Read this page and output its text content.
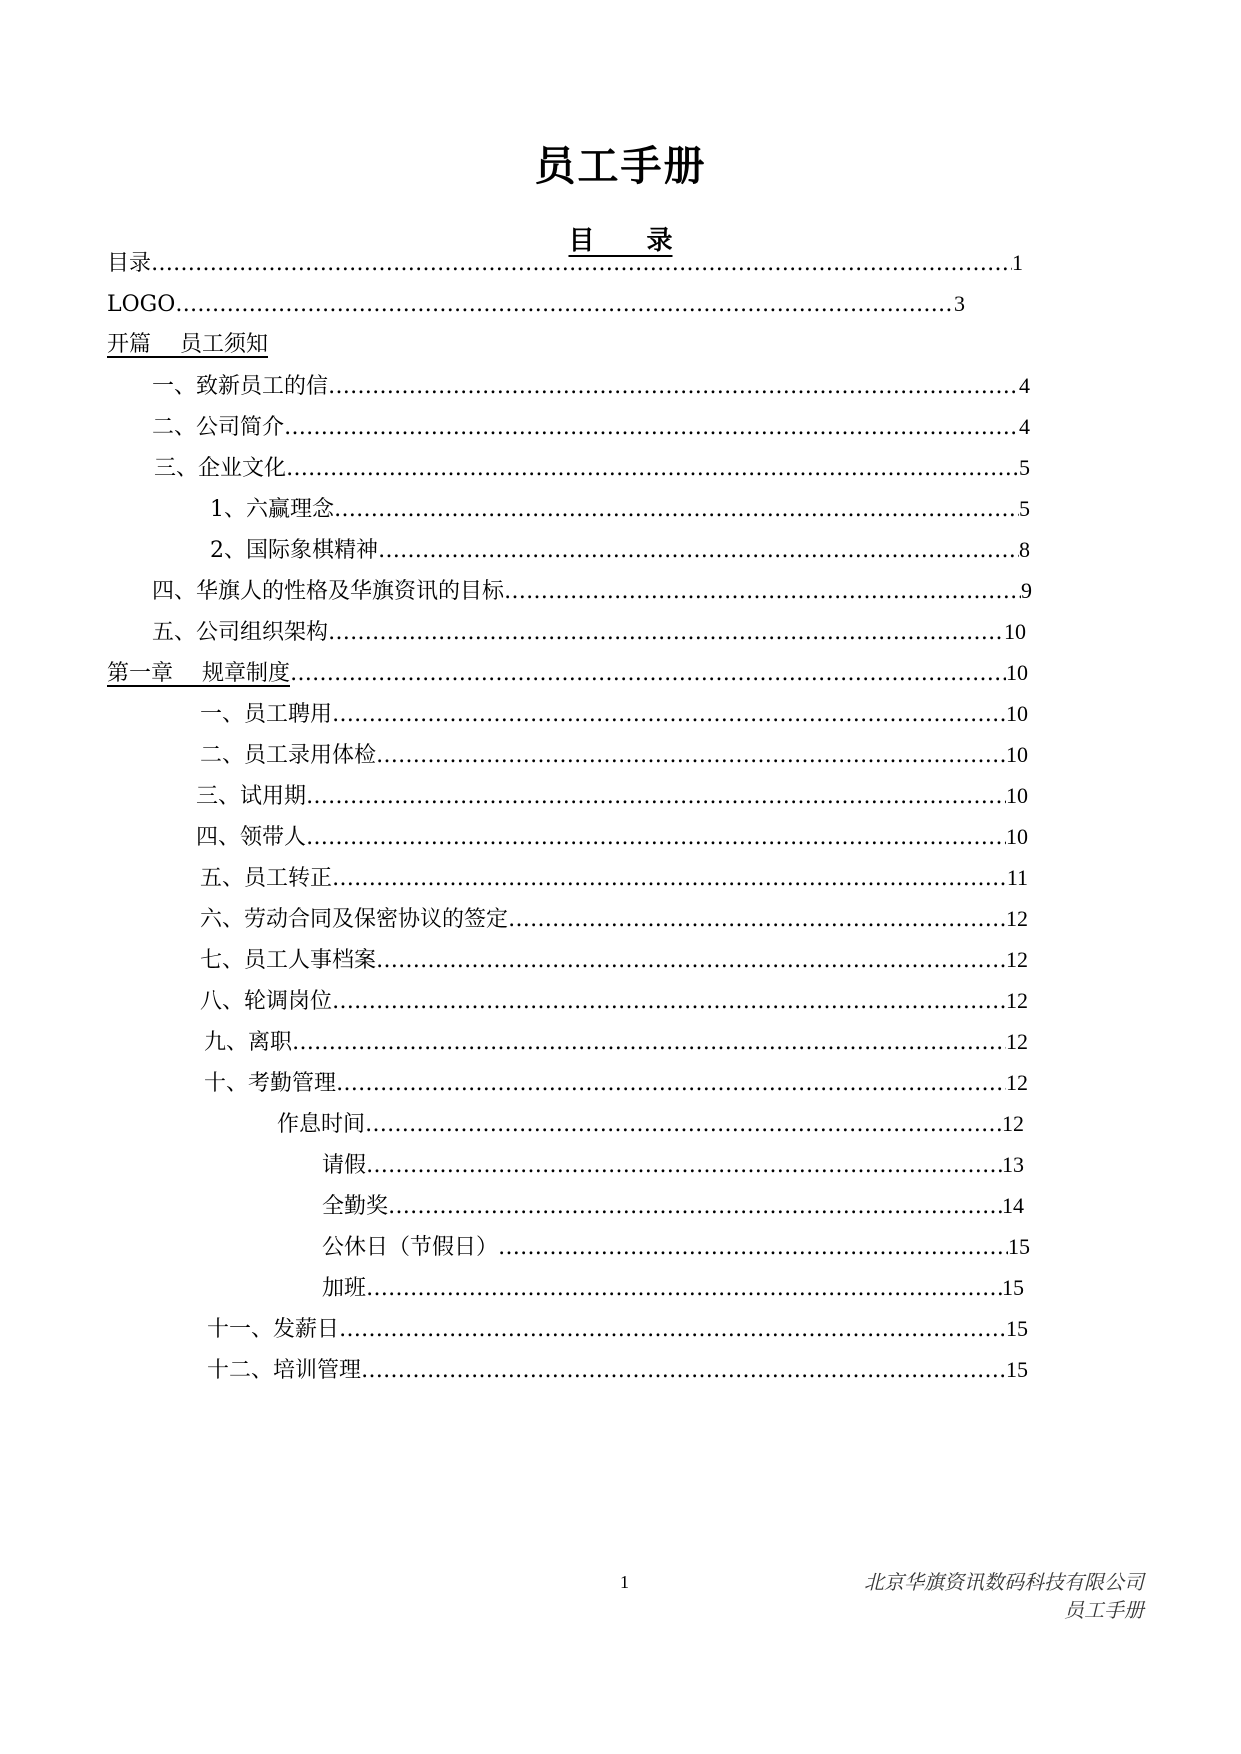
员工手册
目　　录
目录 ………………………………………………………………………………………………………………………………………………………………………………………………………………………………………………	1
LOGO ………………………………………………………………………………………………………………………………………………………………………………………………………………………………………………	3
开篇　 员工须知
一、致新员工的信 ………………………………………………………………………………………………………………………………………………………………………………………………………………………………………………	4
二、公司简介 ………………………………………………………………………………………………………………………………………………………………………………………………………………………………………………	4
三、企业文化 ………………………………………………………………………………………………………………………………………………………………………………………………………………………………………………	5
1、六赢理念 ………………………………………………………………………………………………………………………………………………………………………………………………………………………………………………	5
2、国际象棋精神 ………………………………………………………………………………………………………………………………………………………………………………………………………………………………………………	8
四、华旗人的性格及华旗资讯的目标 ………………………………………………………………………………………………………………………………………………………………………………………………………………………………………………	9
五、公司组织架构 ………………………………………………………………………………………………………………………………………………………………………………………………………………………………………………	10
第一章　 规章制度 ………………………………………………………………………………………………………………………………………………………………………………………………………………………………………………	10
一、员工聘用 ………………………………………………………………………………………………………………………………………………………………………………………………………………………………………………	10
二、员工录用体检 ………………………………………………………………………………………………………………………………………………………………………………………………………………………………………………	10
三、试用期 ………………………………………………………………………………………………………………………………………………………………………………………………………………………………………………	10
四、领带人 ………………………………………………………………………………………………………………………………………………………………………………………………………………………………………………	10
五、员工转正 ………………………………………………………………………………………………………………………………………………………………………………………………………………………………………………	11
六、劳动合同及保密协议的签定 ………………………………………………………………………………………………………………………………………………………………………………………………………………………………………………	12
七、员工人事档案 ………………………………………………………………………………………………………………………………………………………………………………………………………………………………………………	12
八、轮调岗位 ………………………………………………………………………………………………………………………………………………………………………………………………………………………………………………	12
九、离职 ………………………………………………………………………………………………………………………………………………………………………………………………………………………………………………	12
十、考勤管理 ………………………………………………………………………………………………………………………………………………………………………………………………………………………………………………	12
作息时间 ………………………………………………………………………………………………………………………………………………………………………………………………………………………………………………	12
请假 ………………………………………………………………………………………………………………………………………………………………………………………………………………………………………………	13
全勤奖 ………………………………………………………………………………………………………………………………………………………………………………………………………………………………………………	14
公休日（节假日） ………………………………………………………………………………………………………………………………………………………………………………………………………………………………………………	15
加班 ………………………………………………………………………………………………………………………………………………………………………………………………………………………………………………	15
十一、发薪日 ………………………………………………………………………………………………………………………………………………………………………………………………………………………………………………	15
十二、培训管理 ………………………………………………………………………………………………………………………………………………………………………………………………………………………………………………	15
1	北京华旗资讯数码科技有限公司
员工手册
